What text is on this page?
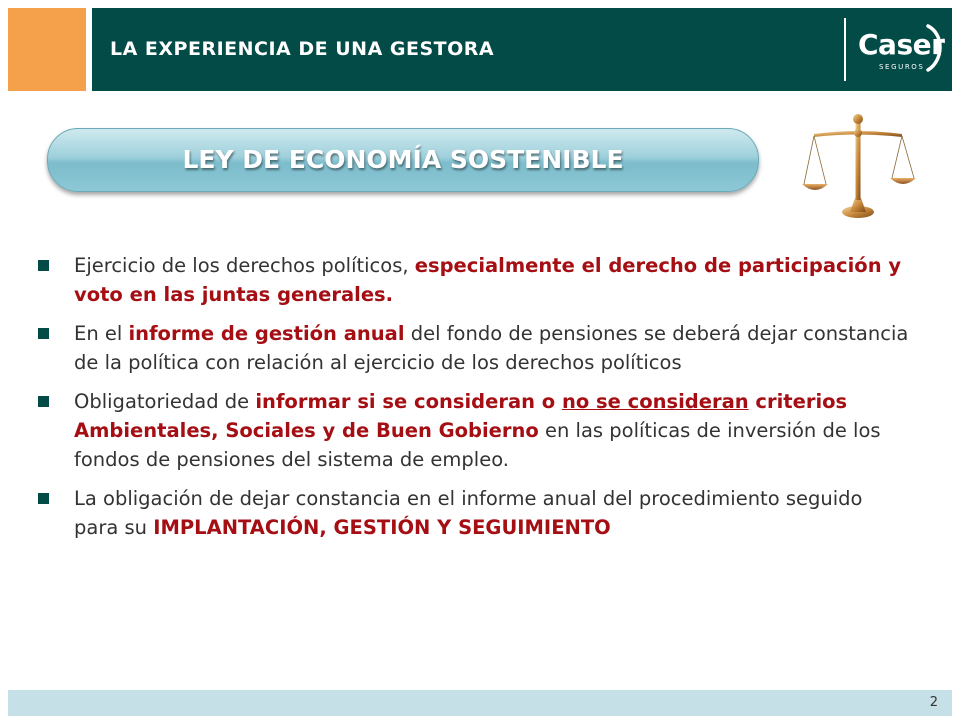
LA EXPERIENCIA DE UNA GESTORA	Caser
SEGUROS
LEY DE ECONOMÍA SOSTENIBLE
Ejercicio de los derechos políticos, especialmente el derecho de participación y voto en las juntas generales.
En el informe de gestión anual del fondo de pensiones se deberá dejar constancia de la política con relación al ejercicio de los derechos políticos
Obligatoriedad de informar si se consideran o no se consideran criterios Ambientales, Sociales y de Buen Gobierno en las políticas de inversión de los fondos de pensiones del sistema de empleo.
La obligación de dejar constancia en el informe anual del procedimiento seguido para su IMPLANTACIÓN, GESTIÓN Y SEGUIMIENTO
2
